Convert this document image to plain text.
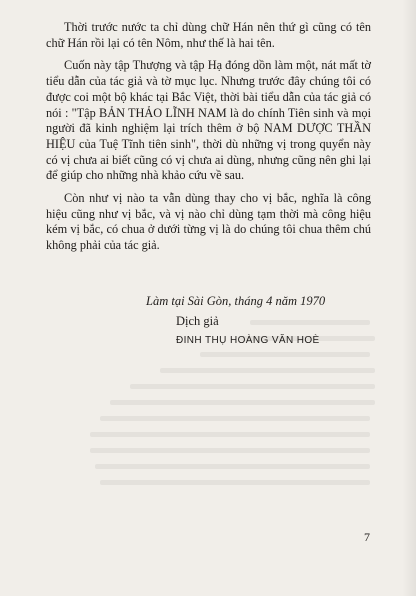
Thời trước nước ta chỉ dùng chữ Hán nên thứ gì cũng có tên chữ Hán rồi lại có tên Nôm, như thế là hai tên.

Cuốn này tập Thượng và tập Hạ đóng dồn làm một, nát mất tờ tiểu dẫn của tác giả và tờ mục lục. Nhưng trước đây chúng tôi có được coi một bộ khác tại Bắc Việt, thời bài tiểu dẫn của tác giả có nói : "Tập BẢN THẢO LĨNH NAM là do chính Tiên sinh và mọi người đã kinh nghiệm lại trích thêm ở bộ NAM DƯỢC THẦN HIỆU của Tuệ Tĩnh tiên sinh", thời dù những vị trong quyển này có vị chưa ai biết cũng có vị chưa ai dùng, nhưng cũng nên ghi lại để giúp cho những nhà khảo cứu về sau.

Còn như vị nào ta vẫn dùng thay cho vị bắc, nghĩa là công hiệu cũng như vị bắc, và vị nào chỉ dùng tạm thời mà công hiệu kém vị bắc, có chua ở dưới từng vị là do chúng tôi chua thêm chú không phải của tác giả.

Làm tại Sài Gòn, tháng 4 năm 1970
Dịch giả
ĐINH THỤ HOÀNG VĂN HOÈ
7
